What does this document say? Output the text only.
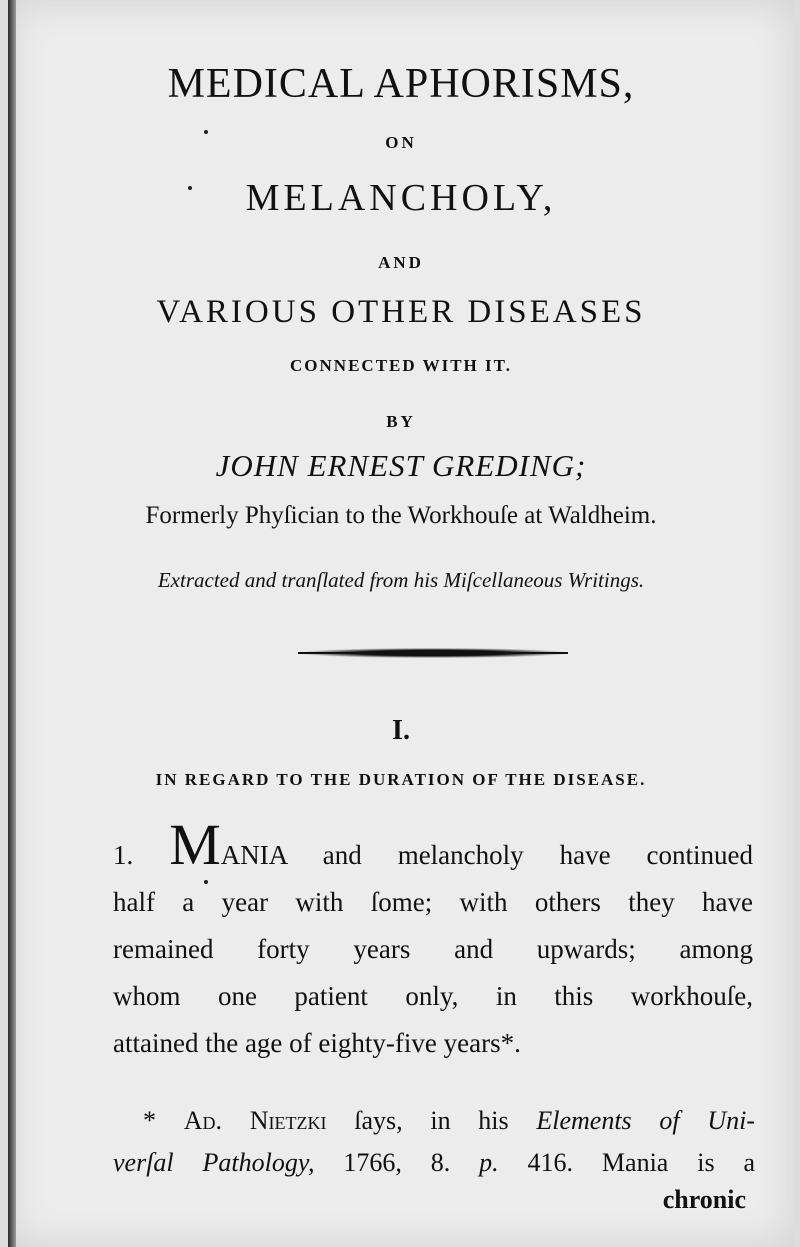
MEDICAL APHORISMS,
ON
MELANCHOLY,
AND
VARIOUS OTHER DISEASES
CONNECTED WITH IT.
BY
JOHN ERNEST GREDING;
Formerly Phyſician to the Workhouſe at Waldheim.
Extracted and tranſlated from his Miſcellaneous Writings.
I.
IN REGARD TO THE DURATION OF THE DISEASE.
1. MANIA and melancholy have continued
half a year with ſome; with others they have
remained forty years and upwards; among
whom one patient only, in this workhouſe,
attained the age of eighty-five years*.
* Ad. Nietzki ſays, in his Elements of Uni-
verſal Pathology, 1766, 8. p. 416. Mania is a
chronic
